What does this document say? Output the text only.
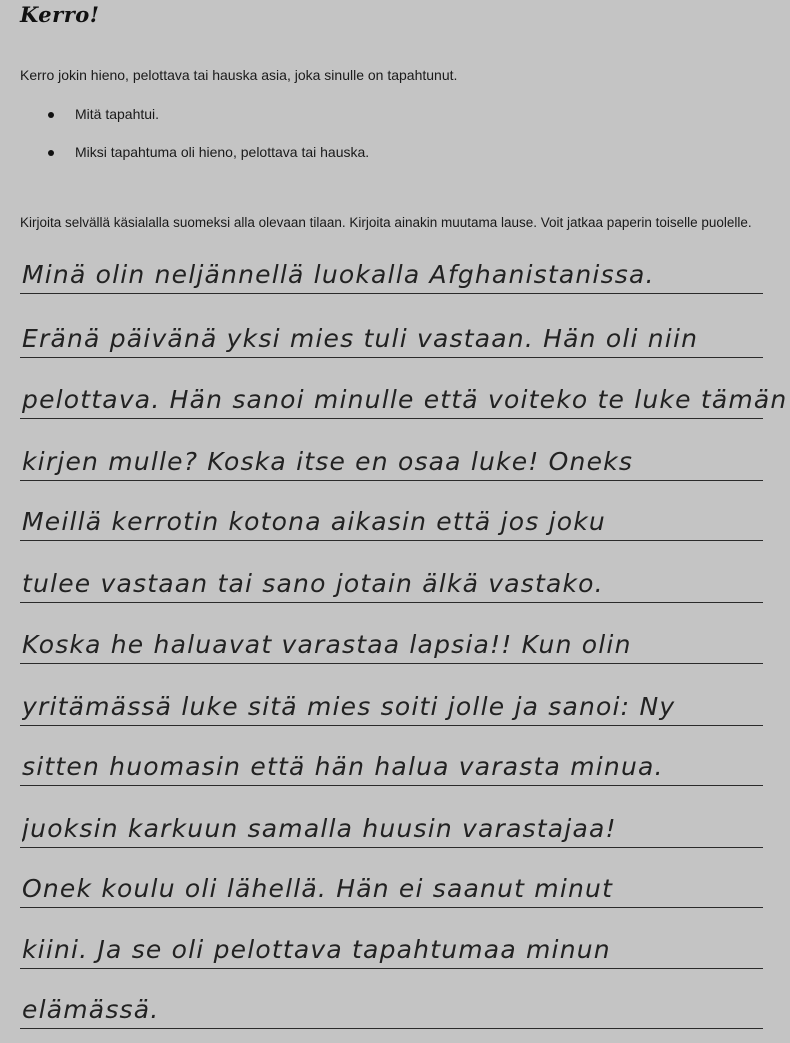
Kerro!
Kerro jokin hieno, pelottava tai hauska asia, joka sinulle on tapahtunut.
Mitä tapahtui.
Miksi tapahtuma oli hieno, pelottava tai hauska.
Kirjoita selvällä käsialalla suomeksi alla olevaan tilaan. Kirjoita ainakin muutama lause. Voit jatkaa paperin toiselle puolelle.
Minä olin neljännellä luokalla Afghanistanissa.
Eränä päivänä yksi mies tuli vastaan. Hän oli niin
pelottava. Hän sanoi minulle että voiteko te luke tämän
kirjen mulle? Koska itse en osaa luke! Oneks
Meillä kerrotin kotona aikasin että jos joku
tulee vastaan tai sano jotain älkä vastako.
Koska he haluavat varastaa lapsia!! Kun olin
yritämässä luke sitä mies soiti jolle ja sanoi: Ny
sitten huomasin että hän halua varasta minua.
juoksin karkuun samalla huusin varastajaa!
Onek koulu oli lähellä. Hän ei saanut minut
kiini. Ja se oli pelottava tapahtumaa minun
elämässä.
